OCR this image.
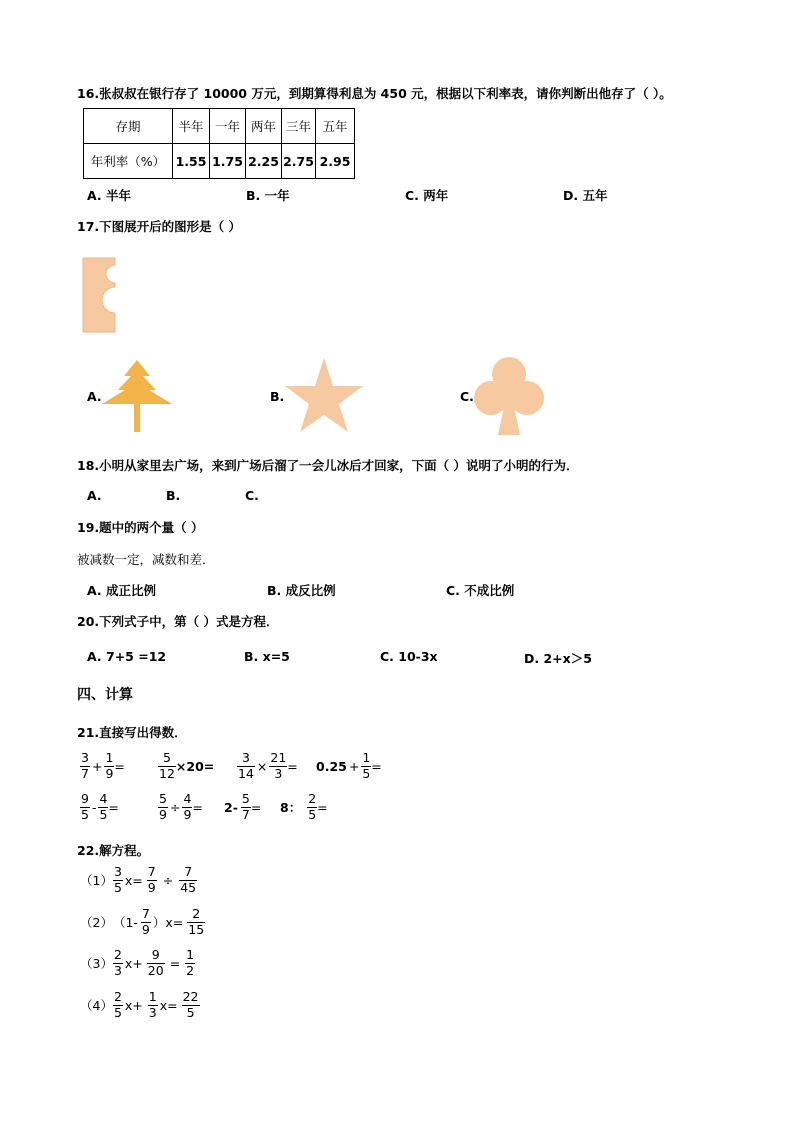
16.张叔叔在银行存了 10000 万元，到期算得利息为 450 元，根据以下利率表，请你判断出他存了（ ）。
存期	半年	一年	两年	三年	五年
年利率（%）	1.55	1.75	2.25	2.75	2.95
A. 半年	B. 一年	C. 两年	D. 五年
17.下图展开后的图形是（ ）
A.	B.	C.
18.小明从家里去广场，来到广场后溜了一会儿冰后才回家，下面（ ）说明了小明的行为．
A.	B.	C.
19.题中的两个量（ ）
被减数一定，减数和差．
A. 成正比例	B. 成反比例	C. 不成比例
20.下列式子中，第（ ）式是方程．
A. 7+5 =12	B. x=5	C. 10-3x	D. 2+x＞5
四、计算
21.直接写出得数．
$\frac{3}{7} + \frac{1}{9}$ =	$\frac{5}{12} \times 20= \frac{3}{14} \times \frac{21}{3} = 0.25 + \frac{1}{5}$ =
$\frac{9}{5} - \frac{4}{5}$ =	$\frac{5}{9} \div \frac{4}{9} = 2- \frac{5}{7} = 8$： $\frac{2}{5}$ =
22.解方程。
$(1) \frac{3}{5} x= \frac{7}{9} \div \frac{7}{45}$
（2） $(1- \frac{7}{9} )x= \frac{2}{15}$
$(3) \frac{2}{3} x+ \frac{9}{20} = \frac{1}{2}$
$(4) \frac{2}{5} x+ \frac{1}{3} x= \frac{22}{5}$
